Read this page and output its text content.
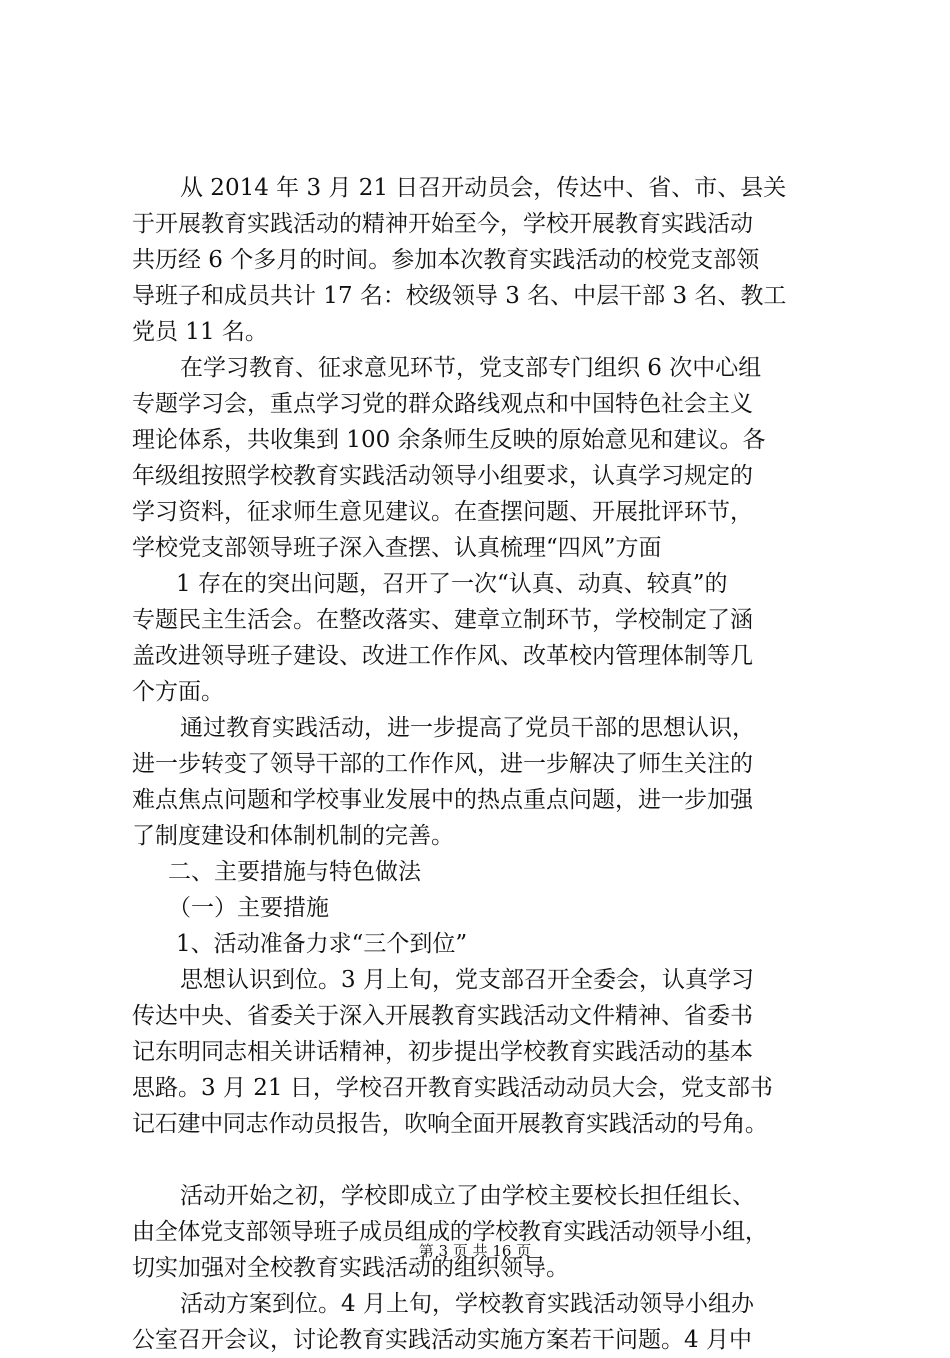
从 2014 年 3 月 21 日召开动员会，传达中、省、市、县关
于开展教育实践活动的精神开始至今，学校开展教育实践活动
共历经 6 个多月的时间。参加本次教育实践活动的校党支部领
导班子和成员共计 17 名：校级领导 3 名、中层干部 3 名、教工
党员 11 名。
在学习教育、征求意见环节，党支部专门组织 6 次中心组
专题学习会，重点学习党的群众路线观点和中国特色社会主义
理论体系，共收集到 100 余条师生反映的原始意见和建议。各
年级组按照学校教育实践活动领导小组要求，认真学习规定的
学习资料，征求师生意见建议。在查摆问题、开展批评环节，
学校党支部领导班子深入查摆、认真梳理“四风”方面
1 存在的突出问题，召开了一次“认真、动真、较真”的
专题民主生活会。在整改落实、建章立制环节，学校制定了涵
盖改进领导班子建设、改进工作作风、改革校内管理体制等几
个方面。
通过教育实践活动，进一步提高了党员干部的思想认识，
进一步转变了领导干部的工作作风，进一步解决了师生关注的
难点焦点问题和学校事业发展中的热点重点问题，进一步加强
了制度建设和体制机制的完善。
二、主要措施与特色做法
（一）主要措施
1、活动准备力求“三个到位”
思想认识到位。3 月上旬，党支部召开全委会，认真学习
传达中央、省委关于深入开展教育实践活动文件精神、省委书
记东明同志相关讲话精神，初步提出学校教育实践活动的基本
思路。3 月 21 日，学校召开教育实践活动动员大会，党支部书
记石建中同志作动员报告，吹响全面开展教育实践活动的号角。
活动开始之初，学校即成立了由学校主要校长担任组长、
由全体党支部领导班子成员组成的学校教育实践活动领导小组，
切实加强对全校教育实践活动的组织领导。
活动方案到位。4 月上旬，学校教育实践活动领导小组办
公室召开会议，讨论教育实践活动实施方案若干问题。4 月中
第 3 页 共 16 页
